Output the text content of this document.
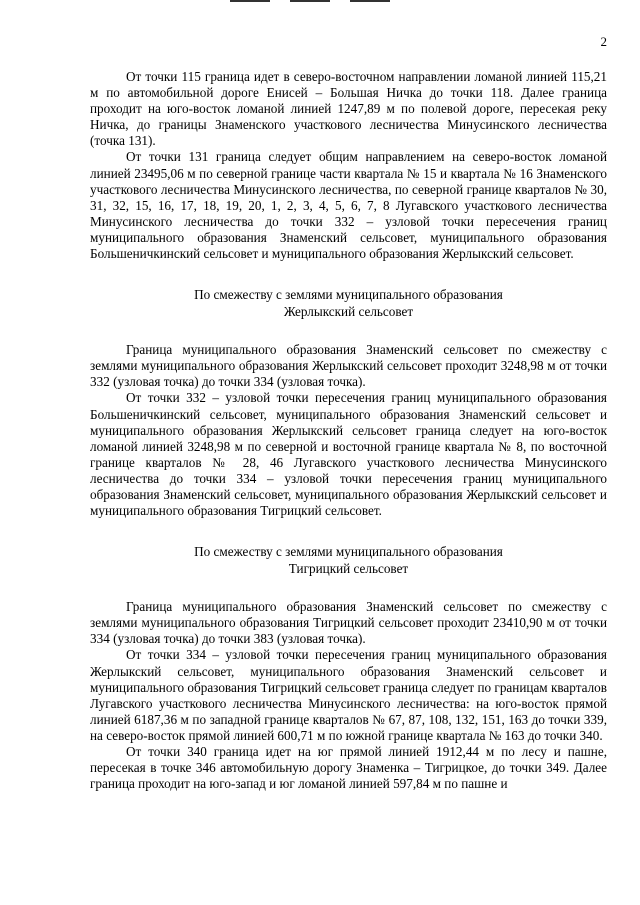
2

От точки 115 граница идет в северо-восточном направлении ломаной линией 115,21 м по автомобильной дороге Енисей – Большая Ничка до точки 118. Далее граница проходит на юго-восток ломаной линией 1247,89 м по полевой дороге, пересекая реку Ничка, до границы Знаменского участкового лесничества Минусинского лесничества (точка 131).

От точки 131 граница следует общим направлением на северо-восток ломаной линией 23495,06 м по северной границе части квартала № 15 и квартала № 16 Знаменского участкового лесничества Минусинского лесничества, по северной границе кварталов № 30, 31, 32, 15, 16, 17, 18, 19, 20, 1, 2, 3, 4, 5, 6, 7, 8 Лугавского участкового лесничества Минусинского лесничества до точки 332 – узловой точки пересечения границ муниципального образования Знаменский сельсовет, муниципального образования Большеничкинский сельсовет и муниципального образования Жерлыкский сельсовет.

По смежеству с землями муниципального образования
Жерлыкский сельсовет

Граница муниципального образования Знаменский сельсовет по смежеству с землями муниципального образования Жерлыкский сельсовет проходит 3248,98 м от точки 332 (узловая точка) до точки 334 (узловая точка).

От точки 332 – узловой точки пересечения границ муниципального образования Большеничкинский сельсовет, муниципального образования Знаменский сельсовет и муниципального образования Жерлыкский сельсовет граница следует на юго-восток ломаной линией 3248,98 м по северной и восточной границе квартала № 8, по восточной границе кварталов № 28, 46 Лугавского участкового лесничества Минусинского лесничества до точки 334 – узловой точки пересечения границ муниципального образования Знаменский сельсовет, муниципального образования Жерлыкский сельсовет и муниципального образования Тигрицкий сельсовет.

По смежеству с землями муниципального образования
Тигрицкий сельсовет

Граница муниципального образования Знаменский сельсовет по смежеству с землями муниципального образования Тигрицкий сельсовет проходит 23410,90 м от точки 334 (узловая точка) до точки 383 (узловая точка).

От точки 334 – узловой точки пересечения границ муниципального образования Жерлыкский сельсовет, муниципального образования Знаменский сельсовет и муниципального образования Тигрицкий сельсовет граница следует по границам кварталов Лугавского участкового лесничества Минусинского лесничества: на юго-восток прямой линией 6187,36 м по западной границе кварталов № 67, 87, 108, 132, 151, 163 до точки 339, на северо-восток прямой линией 600,71 м по южной границе квартала № 163 до точки 340.

От точки 340 граница идет на юг прямой линией 1912,44 м по лесу и пашне, пересекая в точке 346 автомобильную дорогу Знаменка – Тигрицкое, до точки 349. Далее граница проходит на юго-запад и юг ломаной линией 597,84 м по пашне и
